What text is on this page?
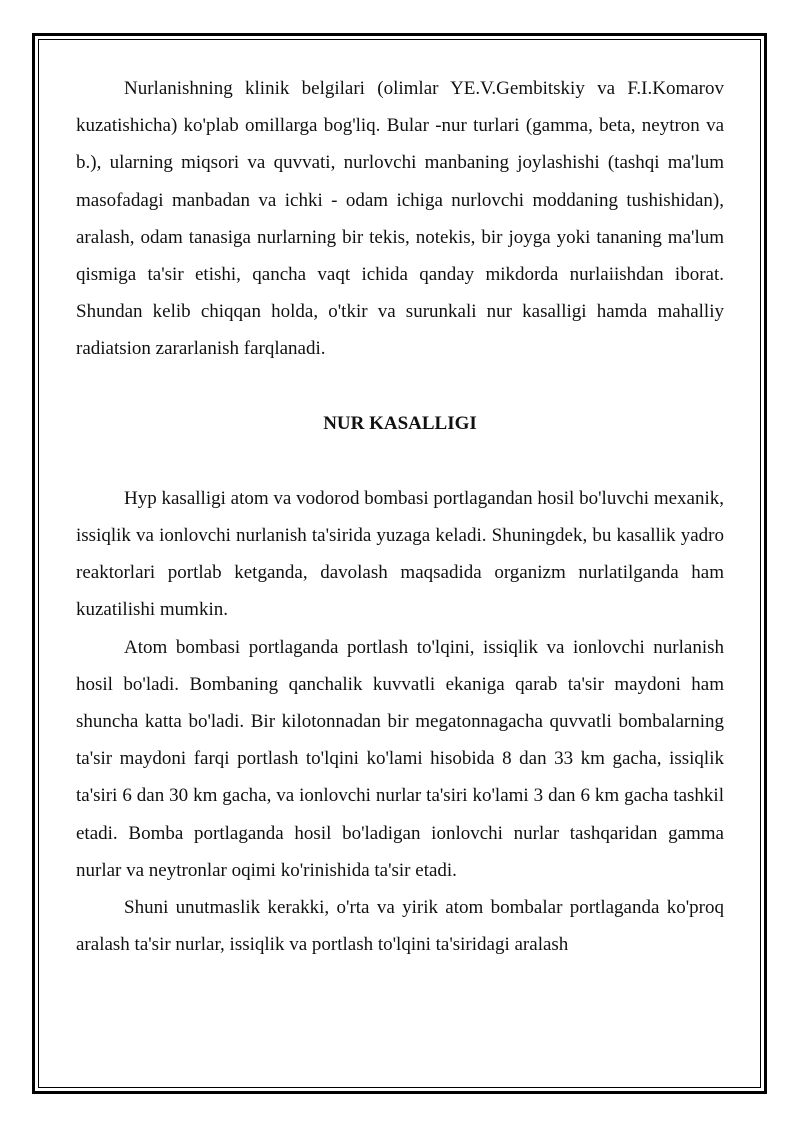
Nurlanishning klinik belgilari (olimlar YE.V.Gembitskiy va F.I.Komarov kuzatishicha) ko'plab omillarga bog'liq. Bular -nur turlari (gamma, beta, neytron va b.), ularning miqsori va quvvati, nurlovchi manbaning joylashishi (tashqi ma'lum masofadagi manbadan va ichki - odam ichiga nurlovchi moddaning tushishidan), aralash, odam tanasiga nurlarning bir tekis, notekis, bir joyga yoki tananing ma'lum qismiga ta'sir etishi, qancha vaqt ichida qanday mikdorda nurlaiishdan iborat. Shundan kelib chiqqan holda, o'tkir va surunkali nur kasalligi hamda mahalliy radiatsion zararlanish farqlanadi.

NUR KASALLIGI

Hyp kasalligi atom va vodorod bombasi portlagandan hosil bo'luvchi mexanik, issiqlik va ionlovchi nurlanish ta'sirida yuzaga keladi. Shuningdek, bu kasallik yadro reaktorlari portlab ketganda, davolash maqsadida organizm nurlatilganda ham kuzatilishi mumkin.

Atom bombasi portlaganda portlash to'lqini, issiqlik va ionlovchi nurlanish hosil bo'ladi. Bombaning qanchalik kuvvatli ekaniga qarab ta'sir maydoni ham shuncha katta bo'ladi. Bir kilotonnadan bir megatonnagacha quvvatli bombalarning ta'sir maydoni farqi portlash to'lqini ko'lami hisobida 8 dan 33 km gacha, issiqlik ta'siri 6 dan 30 km gacha, va ionlovchi nurlar ta'siri ko'lami 3 dan 6 km gacha tashkil etadi. Bomba portlaganda hosil bo'ladigan ionlovchi nurlar tashqaridan gamma nurlar va neytronlar oqimi ko'rinishida ta'sir etadi.

Shuni unutmaslik kerakki, o'rta va yirik atom bombalar portlaganda ko'proq aralash ta'sir nurlar, issiqlik va portlash to'lqini ta'siridagi aralash
